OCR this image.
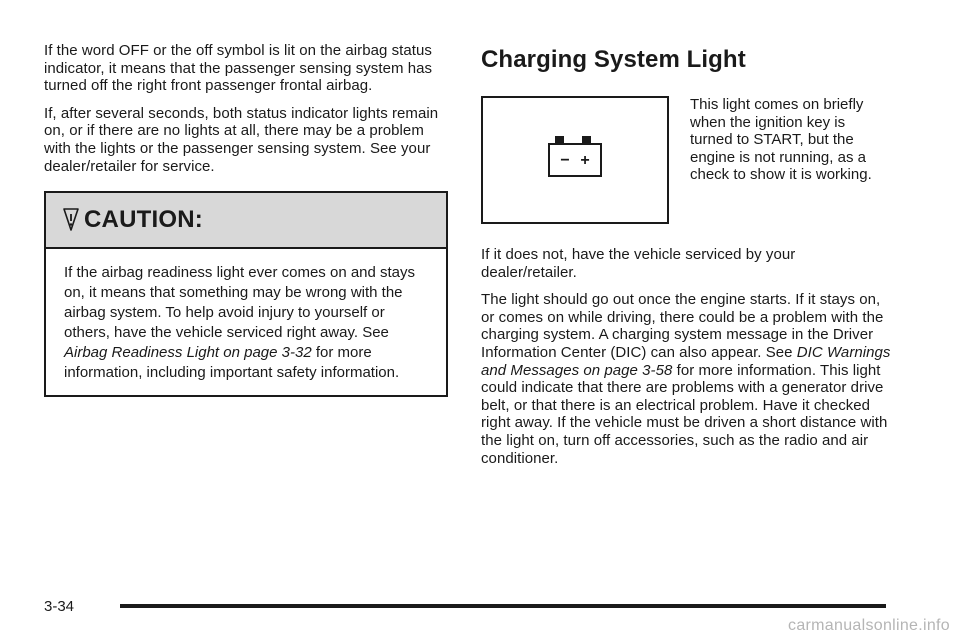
If the word OFF or the off symbol is lit on the airbag status indicator, it means that the passenger sensing system has turned off the right front passenger frontal airbag.

If, after several seconds, both status indicator lights remain on, or if there are no lights at all, there may be a problem with the lights or the passenger sensing system. See your dealer/retailer for service.

CAUTION:
If the airbag readiness light ever comes on and stays on, it means that something may be wrong with the airbag system. To help avoid injury to yourself or others, have the vehicle serviced right away. See Airbag Readiness Light on page 3-32 for more information, including important safety information.
Charging System Light
− +
This light comes on briefly when the ignition key is turned to START, but the engine is not running, as a check to show it is working.

If it does not, have the vehicle serviced by your dealer/retailer.

The light should go out once the engine starts. If it stays on, or comes on while driving, there could be a problem with the charging system. A charging system message in the Driver Information Center (DIC) can also appear. See DIC Warnings and Messages on page 3-58 for more information. This light could indicate that there are problems with a generator drive belt, or that there is an electrical problem. Have it checked right away. If the vehicle must be driven a short distance with the light on, turn off accessories, such as the radio and air conditioner.

3-34
carmanualsonline.info
